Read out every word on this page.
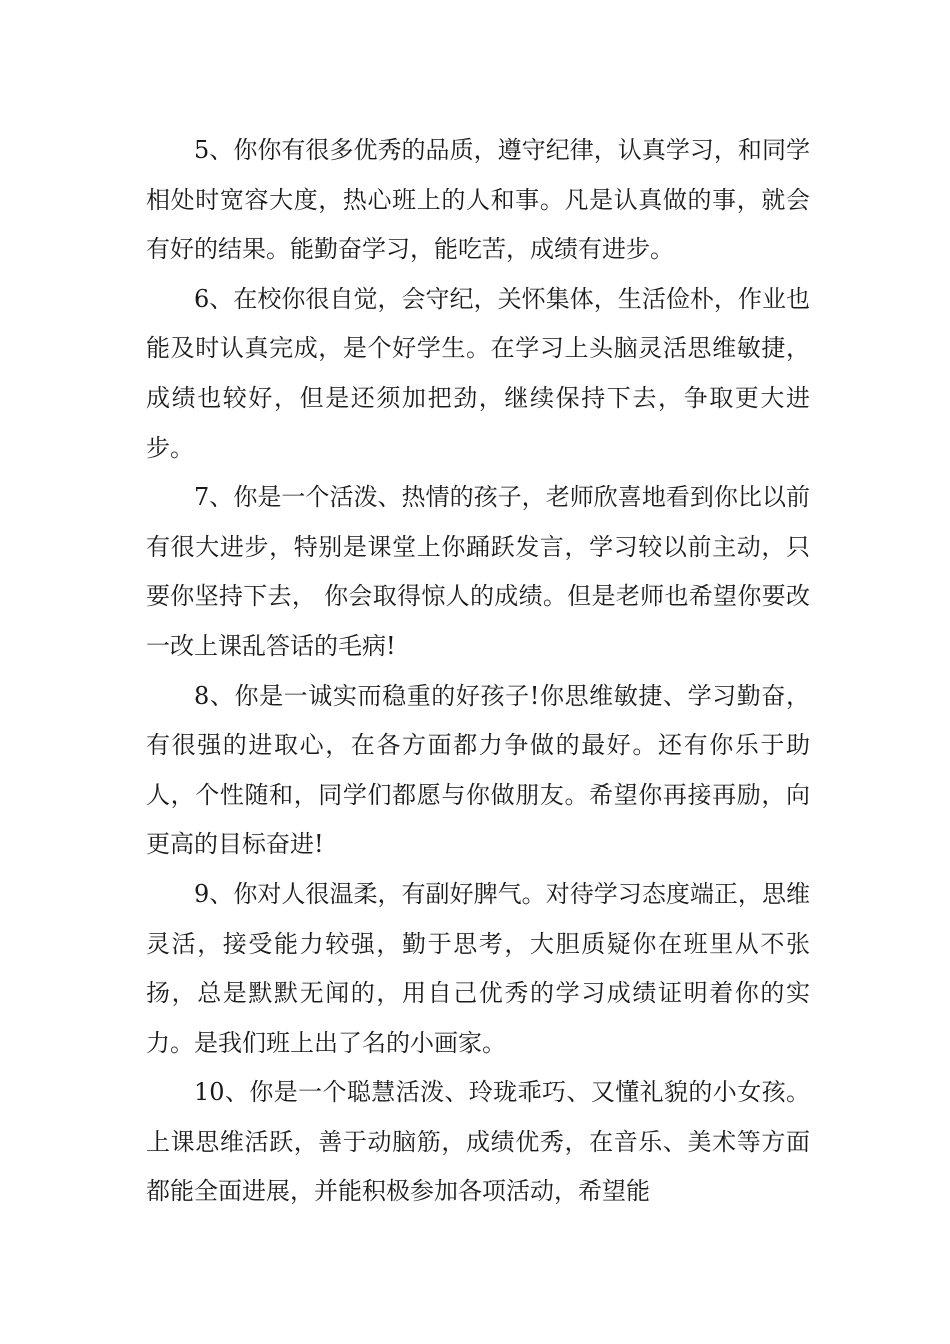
5、你你有很多优秀的品质，遵守纪律，认真学习，和同学相处时宽容大度，热心班上的人和事。凡是认真做的事，就会有好的结果。能勤奋学习，能吃苦，成绩有进步。

6、在校你很自觉，会守纪，关怀集体，生活俭朴，作业也能及时认真完成，是个好学生。在学习上头脑灵活思维敏捷，成绩也较好，但是还须加把劲，继续保持下去，争取更大进步。

7、你是一个活泼、热情的孩子，老师欣喜地看到你比以前有很大进步，特别是课堂上你踊跃发言，学习较以前主动，只要你坚持下去， 你会取得惊人的成绩。但是老师也希望你要改一改上课乱答话的毛病!

8、你是一诚实而稳重的好孩子!你思维敏捷、学习勤奋，有很强的进取心，在各方面都力争做的最好。还有你乐于助人，个性随和，同学们都愿与你做朋友。希望你再接再励，向更高的目标奋进!

9、你对人很温柔，有副好脾气。对待学习态度端正，思维灵活，接受能力较强，勤于思考，大胆质疑你在班里从不张扬，总是默默无闻的，用自己优秀的学习成绩证明着你的实力。是我们班上出了名的小画家。

10、你是一个聪慧活泼、玲珑乖巧、又懂礼貌的小女孩。上课思维活跃，善于动脑筋，成绩优秀，在音乐、美术等方面都能全面进展，并能积极参加各项活动，希望能
